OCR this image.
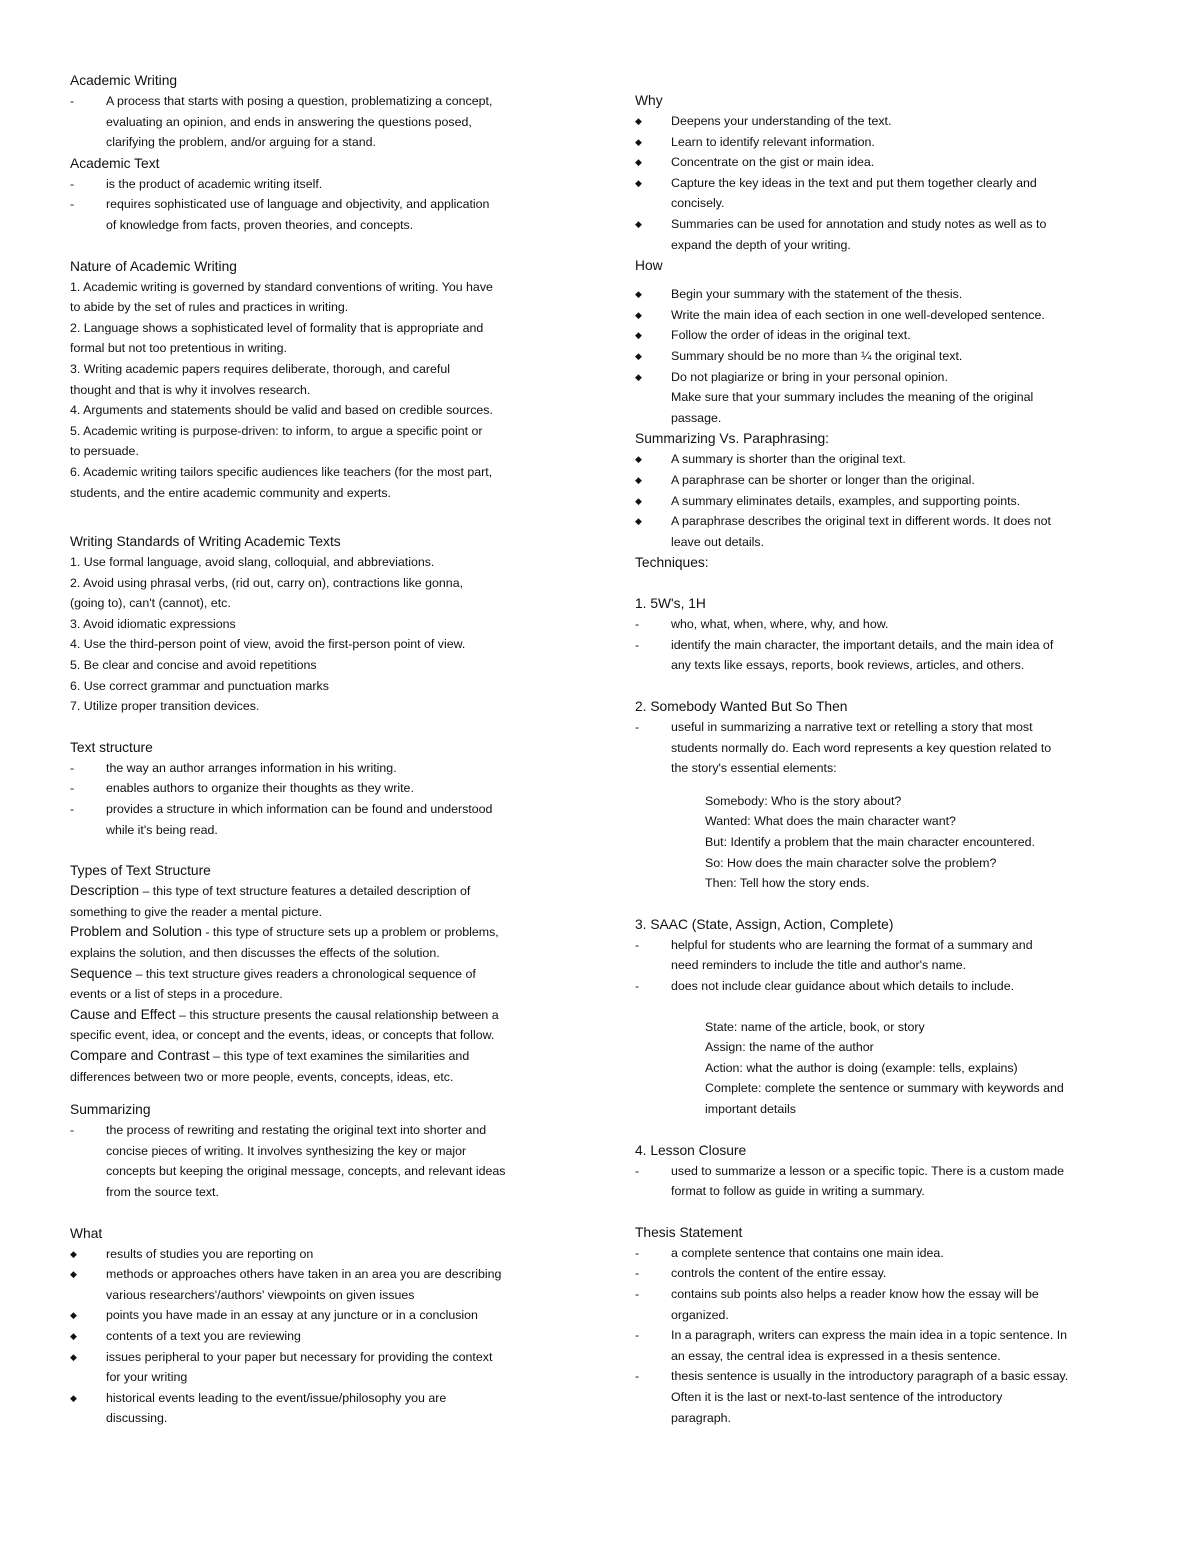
Academic Writing
-	A process that starts with posing a question, problematizing a concept,
evaluating an opinion, and ends in answering the questions posed,
clarifying the problem, and/or arguing for a stand.
Academic Text
-	is the product of academic writing itself.
-	requires sophisticated use of language and objectivity, and application
of knowledge from facts, proven theories, and concepts.
Nature of Academic Writing
1. Academic writing is governed by standard conventions of writing. You have
to abide by the set of rules and practices in writing.
2. Language shows a sophisticated level of formality that is appropriate and
formal but not too pretentious in writing.
3. Writing academic papers requires deliberate, thorough, and careful
thought and that is why it involves research.
4. Arguments and statements should be valid and based on credible sources.
5. Academic writing is purpose-driven: to inform, to argue a specific point or
to persuade.
6. Academic writing tailors specific audiences like teachers (for the most part,
students, and the entire academic community and experts.
Writing Standards of Writing Academic Texts
1. Use formal language, avoid slang, colloquial, and abbreviations.
2. Avoid using phrasal verbs, (rid out, carry on), contractions like gonna,
(going to), can't (cannot), etc.
3. Avoid idiomatic expressions
4. Use the third-person point of view, avoid the first-person point of view.
5. Be clear and concise and avoid repetitions
6. Use correct grammar and punctuation marks
7. Utilize proper transition devices.
Text structure
-	the way an author arranges information in his writing.
-	enables authors to organize their thoughts as they write.
-	provides a structure in which information can be found and understood
while it's being read.
Types of Text Structure
Description – this type of text structure features a detailed description of
something to give the reader a mental picture.
Problem and Solution - this type of structure sets up a problem or problems,
explains the solution, and then discusses the effects of the solution.
Sequence – this text structure gives readers a chronological sequence of
events or a list of steps in a procedure.
Cause and Effect – this structure presents the causal relationship between a
specific event, idea, or concept and the events, ideas, or concepts that follow.
Compare and Contrast – this type of text examines the similarities and
differences between two or more people, events, concepts, ideas, etc.
Summarizing
-	the process of rewriting and restating the original text into shorter and
concise pieces of writing. It involves synthesizing the key or major
concepts but keeping the original message, concepts, and relevant ideas
from the source text.
What
◆	results of studies you are reporting on
◆	methods or approaches others have taken in an area you are describing
various researchers'/authors' viewpoints on given issues
◆	points you have made in an essay at any juncture or in a conclusion
◆	contents of a text you are reviewing
◆	issues peripheral to your paper but necessary for providing the context
for your writing
◆	historical events leading to the event/issue/philosophy you are
discussing.
Why
◆	Deepens your understanding of the text.
◆	Learn to identify relevant information.
◆	Concentrate on the gist or main idea.
◆	Capture the key ideas in the text and put them together clearly and
concisely.
◆	Summaries can be used for annotation and study notes as well as to
expand the depth of your writing.
How
◆	Begin your summary with the statement of the thesis.
◆	Write the main idea of each section in one well-developed sentence.
◆	Follow the order of ideas in the original text.
◆	Summary should be no more than ¼ the original text.
◆	Do not plagiarize or bring in your personal opinion.
Make sure that your summary includes the meaning of the original
passage.
Summarizing Vs. Paraphrasing:
◆	A summary is shorter than the original text.
◆	A paraphrase can be shorter or longer than the original.
◆	A summary eliminates details, examples, and supporting points.
◆	A paraphrase describes the original text in different words. It does not
leave out details.
Techniques:
1. 5W's, 1H
-	who, what, when, where, why, and how.
-	identify the main character, the important details, and the main idea of
any texts like essays, reports, book reviews, articles, and others.
2. Somebody Wanted But So Then
-	useful in summarizing a narrative text or retelling a story that most
students normally do. Each word represents a key question related to
the story's essential elements:
Somebody: Who is the story about?
Wanted: What does the main character want?
But: Identify a problem that the main character encountered.
So: How does the main character solve the problem?
Then: Tell how the story ends.
3. SAAC (State, Assign, Action, Complete)
-	helpful for students who are learning the format of a summary and
need reminders to include the title and author's name.
-	does not include clear guidance about which details to include.
State: name of the article, book, or story
Assign: the name of the author
Action: what the author is doing (example: tells, explains)
Complete: complete the sentence or summary with keywords and
important details
4. Lesson Closure
-	used to summarize a lesson or a specific topic. There is a custom made
format to follow as guide in writing a summary.
Thesis Statement
-	a complete sentence that contains one main idea.
-	controls the content of the entire essay.
-	contains sub points also helps a reader know how the essay will be
organized.
-	In a paragraph, writers can express the main idea in a topic sentence. In
an essay, the central idea is expressed in a thesis sentence.
-	thesis sentence is usually in the introductory paragraph of a basic essay.
Often it is the last or next-to-last sentence of the introductory
paragraph.
